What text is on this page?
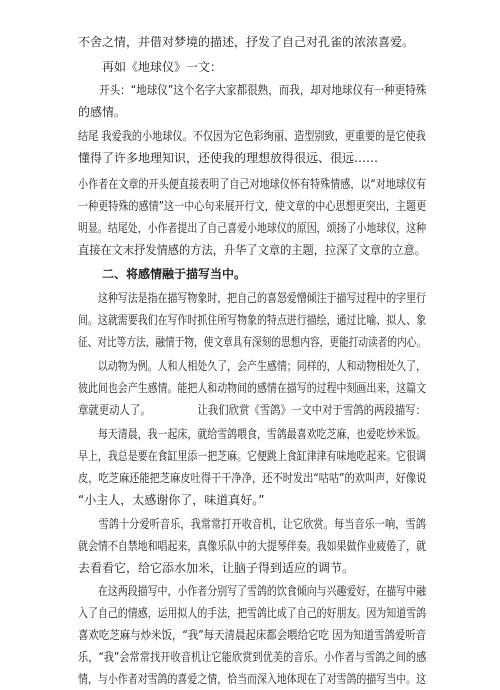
不舍之情，并借对梦境的描述，抒发了自己对孔雀的浓浓喜爱。
　　再如《地球仪》一文：
　　开头：“地球仪”这个名字大家都很熟，而我，却对地球仪有一种更特殊
的感情。
结尾 我爱我的小地球仪。不仅因为它色彩绚丽、造型别致，更重要的是它使我
懂得了许多地理知识，还使我的理想放得很远、很远……
小作者在文章的开头便直接表明了自己对地球仪怀有特殊情感，以“对地球仪有
一种更特殊的感情”这一中心句来展开行文，使文章的中心思想更突出，主题更
明显。结尾处，小作者提出了自己喜爱小地球仪的原因，颂扬了小地球仪，这种
直接在文末抒发情感的方法，升华了文章的主题，拉深了文章的立意。
　　二、将感情融于描写当中。
　　这种写法是指在描写物象时，把自己的喜怒爱憎倾注于描写过程中的字里行
间。这就需要我们在写作时抓住所写物象的特点进行描绘，通过比喻、拟人、象
征、对比等方法，融情于物，使文章具有深刻的思想内容，更能打动读者的内心。
　　以动物为例。人和人相处久了，会产生感情；同样的，人和动物相处久了，
彼此间也会产生感情。能把人和动物间的感情在描写的过程中刻画出来，这篇文
章就更动人了。　　　　　让我们欣赏《雪鸽》一文中对于雪鸽的两段描写：
　　每天清晨，我一起床，就给雪鸽喂食，雪鸽最喜欢吃芝麻，也爱吃炒米饭。
早上，我总是要在食缸里添一把芝麻。它便跳上食缸津津有味地吃起来。它很调
皮，吃芝麻还能把芝麻皮吐得干干净净，还不时发出“咕咕”的欢叫声，好像说
“小主人，太感谢你了，味道真好。”
　　雪鸽十分爱听音乐，我常常打开收音机，让它欣赏。每当音乐一响，雪鸽
就会情不自禁地和唱起来，真像乐队中的大提琴伴奏。我如果做作业疲倦了，就
去看看它，给它添水加米，让脑子得到适应的调节。
　　在这两段描写中，小作者分别写了雪鸽的饮食倾向与兴趣爱好，在描写中融
入了自己的情感，运用拟人的手法，把雪鸽比成了自己的好朋友。因为知道雪鸽
喜欢吃芝麻与炒米饭，“我”每天清晨起床都会喂给它吃 因为知道雪鸽爱听音
乐，“我”会常常找开收音机让它能欣赏到优美的音乐。小作者与雪鸽之间的感
情，与小作者对雪鸽的喜爱之情，恰当而深入地体现在了对雪鸽的描写当中。这
